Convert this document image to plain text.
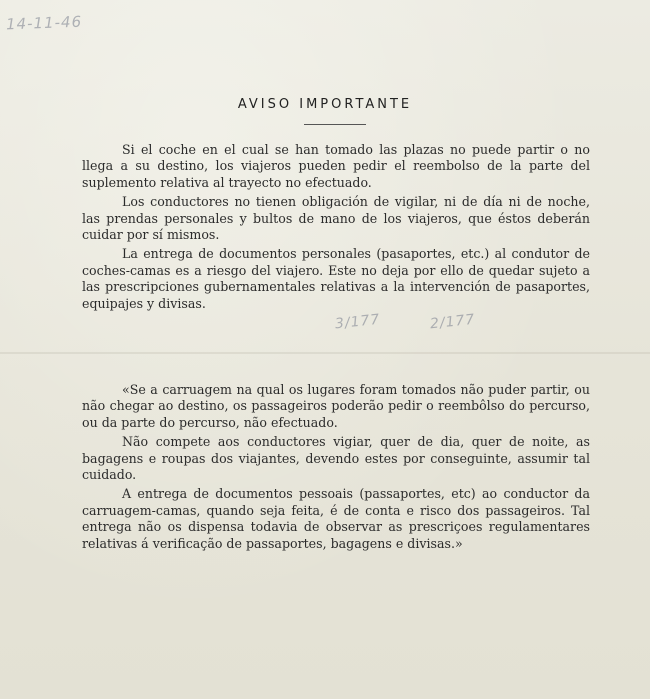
14-11-46
3/177	2/177
AVISO IMPORTANTE

Si el coche en el cual se han tomado las plazas no puede partir o no llega a su destino, los viajeros pueden pedir el reembolso de la parte del suplemento relativa al trayecto no efectuado.

Los conductores no tienen obligación de vigilar, ni de día ni de noche, las prendas personales y bultos de mano de los viajeros, que éstos deberán cuidar por sí mismos.

La entrega de documentos personales (pasaportes, etc.) al condutor de coches-camas es a riesgo del viajero. Este no deja por ello de quedar sujeto a las prescripciones gubernamentales relativas a la intervención de pasaportes, equipajes y divisas.

«Se a carruagem na qual os lugares foram tomados não puder partir, ou não chegar ao destino, os passageiros poderão pedir o reembôlso do percurso, ou da parte do percurso, não efectuado.

Não compete aos conductores vigiar, quer de dia, quer de noite, as bagagens e roupas dos viajantes, devendo estes por conseguinte, assumir tal cuidado.

A entrega de documentos pessoais (passaportes, etc) ao conductor da carruagem-camas, quando seja feita, é de conta e risco dos passageiros. Tal entrega não os dispensa todavia de observar as prescriçoes regulamentares relativas á verificação de passaportes, bagagens e divisas.»
